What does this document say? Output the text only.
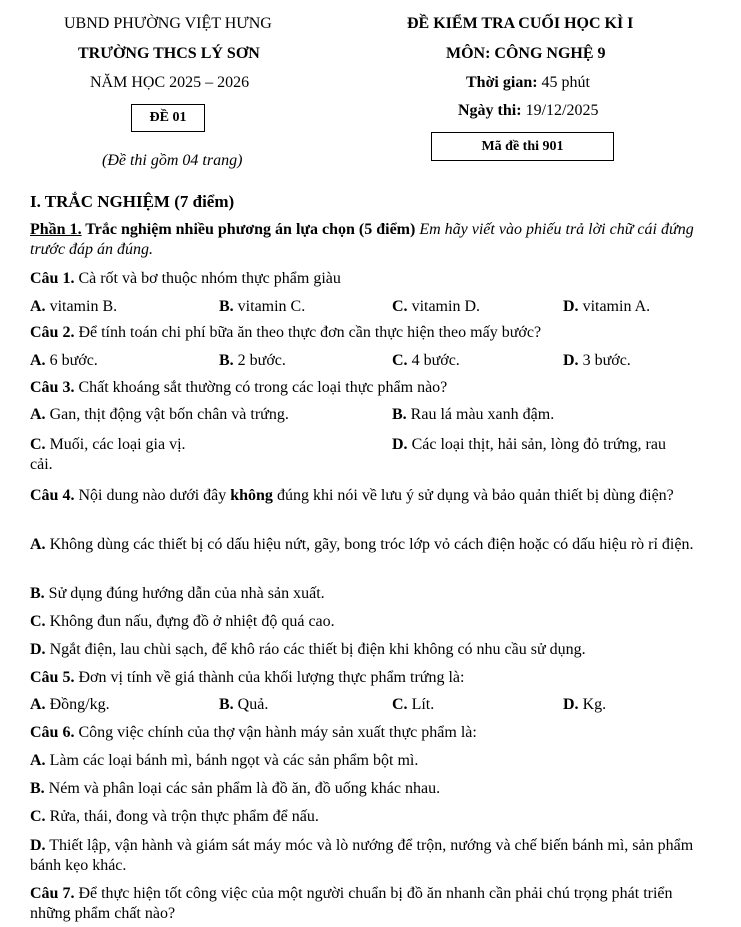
UBND PHƯỜNG VIỆT HƯNG
TRƯỜNG THCS LÝ SƠN
NĂM HỌC 2025 – 2026
ĐỀ 01
(Đề thi gồm 04 trang)
ĐỀ KIỂM TRA CUỐI HỌC KÌ I
MÔN: CÔNG NGHỆ 9
Thời gian: 45 phút
Ngày thi: 19/12/2025
Mã đề thi 901
I. TRẮC NGHIỆM (7 điểm)
Phần 1. Trắc nghiệm nhiều phương án lựa chọn (5 điểm) Em hãy viết vào phiếu trả lời chữ cái đứng trước đáp án đúng.
Câu 1. Cà rốt và bơ thuộc nhóm thực phẩm giàu
A. vitamin B.	B. vitamin C.	C. vitamin D.	D. vitamin A.
Câu 2. Để tính toán chi phí bữa ăn theo thực đơn cần thực hiện theo mấy bước?
A. 6 bước.	B. 2 bước.	C. 4 bước.	D. 3 bước.
Câu 3. Chất khoáng sắt thường có trong các loại thực phẩm nào?
A. Gan, thịt động vật bốn chân và trứng.	B. Rau lá màu xanh đậm.
C. Muối, các loại gia vị.	D. Các loại thịt, hải sản, lòng đỏ trứng, rau
cải.
Câu 4. Nội dung nào dưới đây không đúng khi nói về lưu ý sử dụng và bảo quản thiết bị dùng điện?
A. Không dùng các thiết bị có dấu hiệu nứt, gãy, bong tróc lớp vỏ cách điện hoặc có dấu hiệu rò rỉ điện.
B. Sử dụng đúng hướng dẫn của nhà sản xuất.
C. Không đun nấu, đựng đồ ở nhiệt độ quá cao.
D. Ngắt điện, lau chùi sạch, để khô ráo các thiết bị điện khi không có nhu cầu sử dụng.
Câu 5. Đơn vị tính về giá thành của khối lượng thực phẩm trứng là:
A. Đồng/kg.	B. Quả.	C. Lít.	D. Kg.
Câu 6. Công việc chính của thợ vận hành máy sản xuất thực phẩm là:
A. Làm các loại bánh mì, bánh ngọt và các sản phẩm bột mì.
B. Ném và phân loại các sản phẩm là đồ ăn, đồ uống khác nhau.
C. Rửa, thái, đong và trộn thực phẩm để nấu.
D. Thiết lập, vận hành và giám sát máy móc và lò nướng để trộn, nướng và chế biến bánh mì, sản phẩm bánh kẹo khác.
Câu 7. Để thực hiện tốt công việc của một người chuẩn bị đồ ăn nhanh cần phải chú trọng phát triển những phẩm chất nào?
